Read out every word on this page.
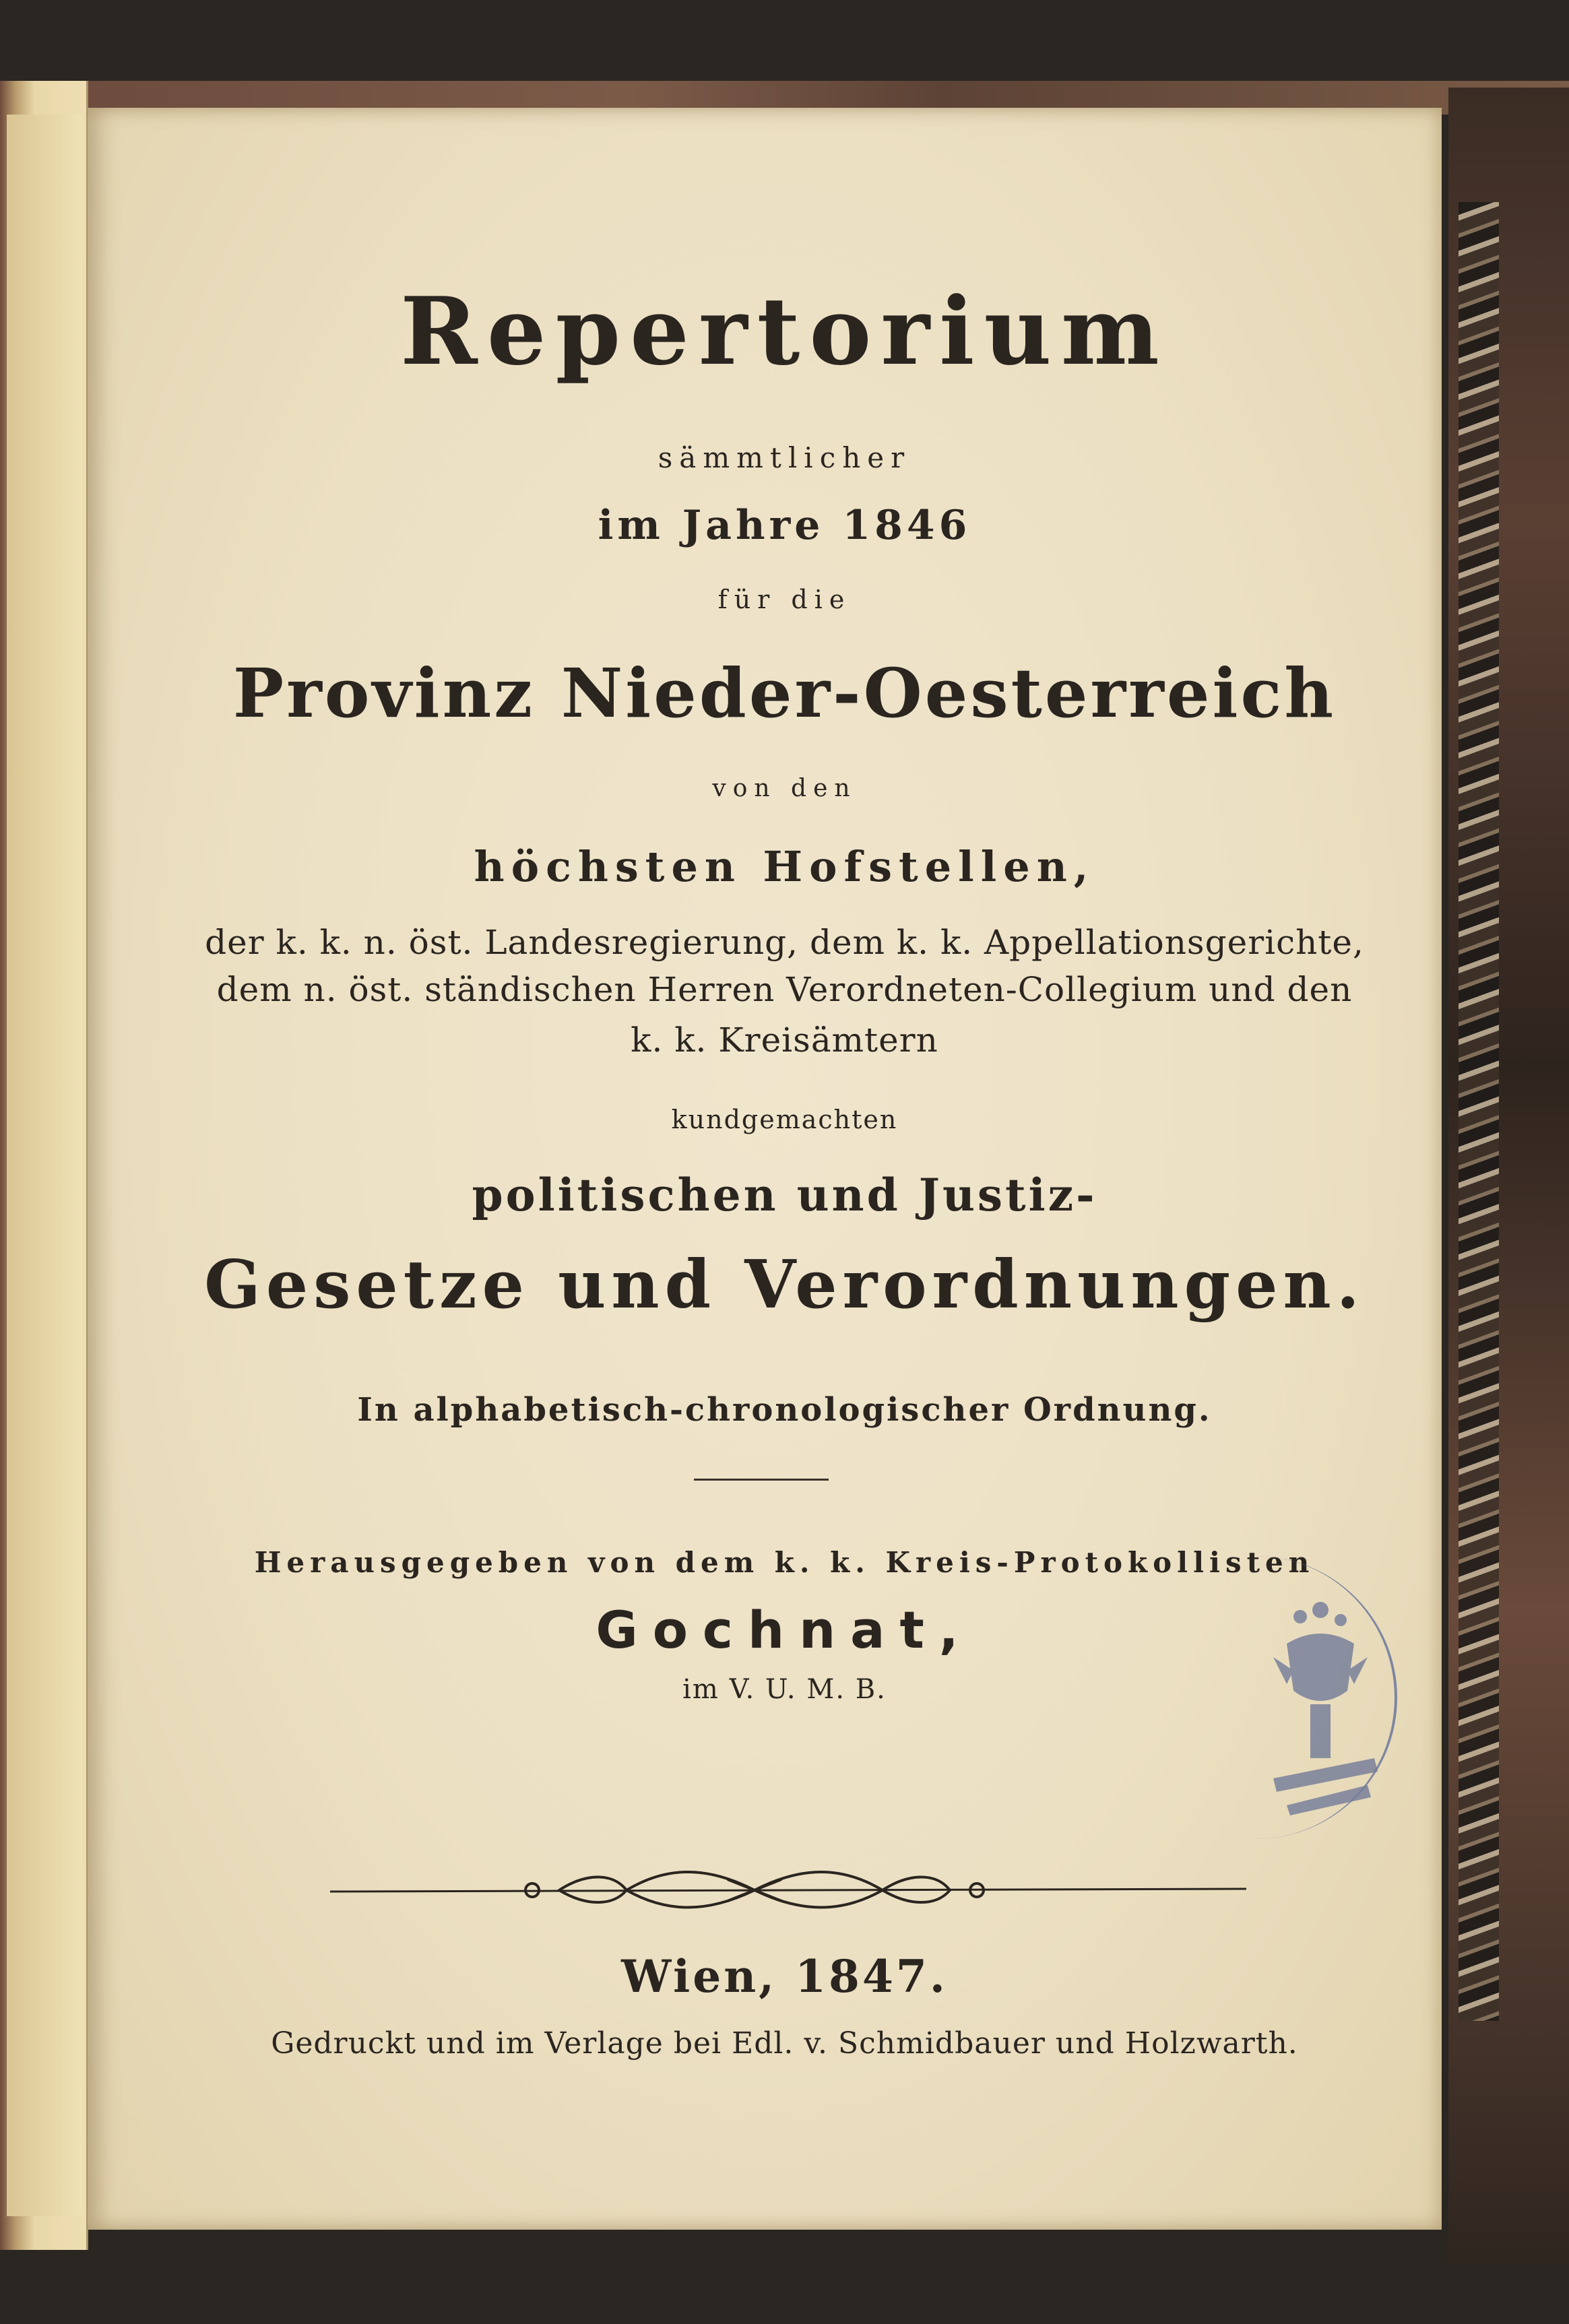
Repertorium
sämmtlicher
im Jahre 1846
für die
Provinz Nieder-Oesterreich
von den
höchsten Hofstellen,
der k. k. n. öst. Landesregierung, dem k. k. Appellationsgerichte,
dem n. öst. ständischen Herren Verordneten-Collegium und den
k. k. Kreisämtern
kundgemachten
politischen und Justiz-
Gesetze und Verordnungen.
In alphabetisch-chronologischer Ordnung.
Herausgegeben von dem k. k. Kreis-Protokollisten
Gochnat,
im V. U. M. B.
Wien, 1847.
Gedruckt und im Verlage bei Edl. v. Schmidbauer und Holzwarth.
